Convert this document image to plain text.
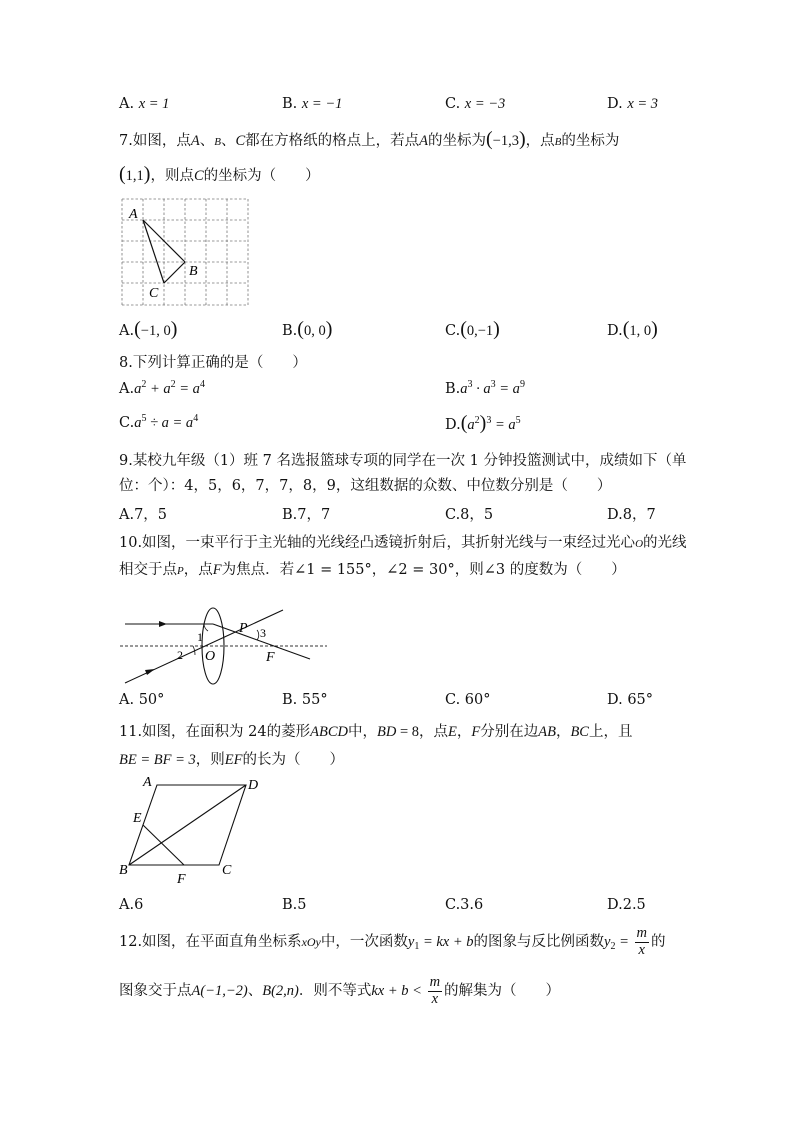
A. x = 1	B. x = −1	C. x = −3	D. x = 3
7.如图，点A、B、C都在方格纸的格点上，若点A的坐标为(−1,3)，点B的坐标为
(1,1)，则点C的坐标为（　　）
A
B
C
A.(−1, 0)	B.(0, 0)	C.(0,−1)	D.(1, 0)
8.下列计算正确的是（　　）
$A.a^2 + a^2 = a^4$	$B.a^3 \cdot a^3 = a^9$
$C.a^5 \div a = a^4$	$D.(a^2)^3 = a^5$
9.某校九年级（1）班 7 名选报篮球专项的同学在一次 1 分钟投篮测试中，成绩如下（单
位：个）：4，5，6，7，7，8，9，这组数据的众数、中位数分别是（　　）
A.7，5	B.7，7	C.8，5	D.8，7
10.如图，一束平行于主光轴的光线经凸透镜折射后，其折射光线与一束经过光心O的光线
相交于点P，点F为焦点．若∠1 = 155°，∠2 = 30°，则∠3 的度数为（　　）
1
2
3
O
P
F
A. 50°	B. 55°	C. 60°	D. 65°
11.如图，在面积为 24的菱形ABCD中，BD = 8，点E，F分别在边AB，BC上，且
BE = BF = 3，则EF的长为（　　）
A	D
E
B	C
F
A.6	B.5	C.3.6	D.2.5
12.如图，在平面直角坐标系xOy中，一次函数$y_1$ = kx + b的图象与反比例函数$y_2 = \frac{m}{x}$ 的
图象交于点A(−1,−2)、B(2,n)．则不等式kx + $b < \frac{m}{x}$ 的解集为（　　）
